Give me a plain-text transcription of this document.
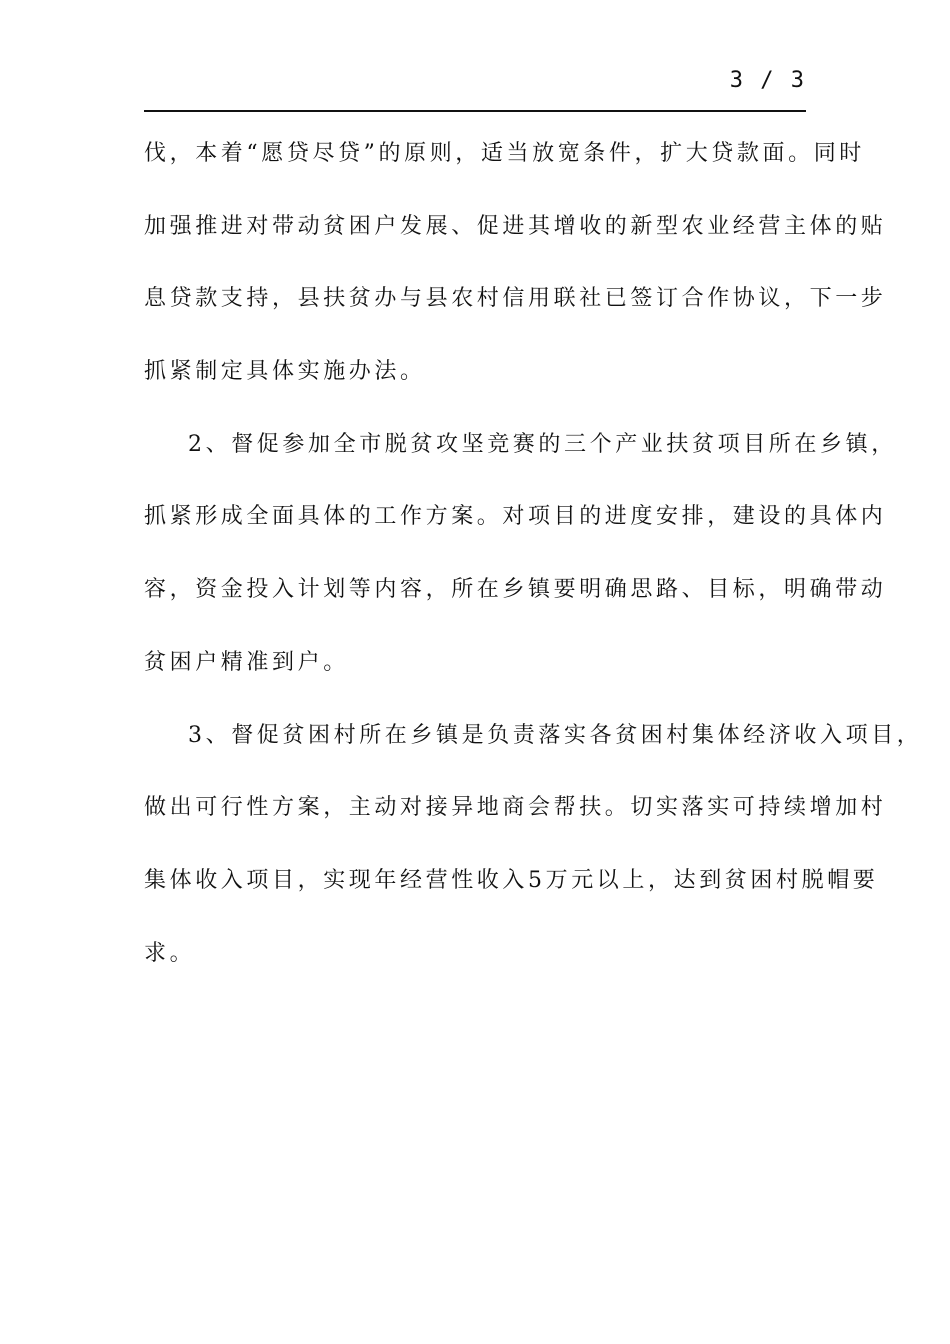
3 / 3
伐，本着“愿贷尽贷”的原则，适当放宽条件，扩大贷款面。同时
加强推进对带动贫困户发展、促进其增收的新型农业经营主体的贴
息贷款支持，县扶贫办与县农村信用联社已签订合作协议，下一步
抓紧制定具体实施办法。
2、督促参加全市脱贫攻坚竞赛的三个产业扶贫项目所在乡镇，
抓紧形成全面具体的工作方案。对项目的进度安排，建设的具体内
容，资金投入计划等内容，所在乡镇要明确思路、目标，明确带动
贫困户精准到户。
3、督促贫困村所在乡镇是负责落实各贫困村集体经济收入项目，
做出可行性方案，主动对接异地商会帮扶。切实落实可持续增加村
集体收入项目，实现年经营性收入5万元以上，达到贫困村脱帽要
求。
